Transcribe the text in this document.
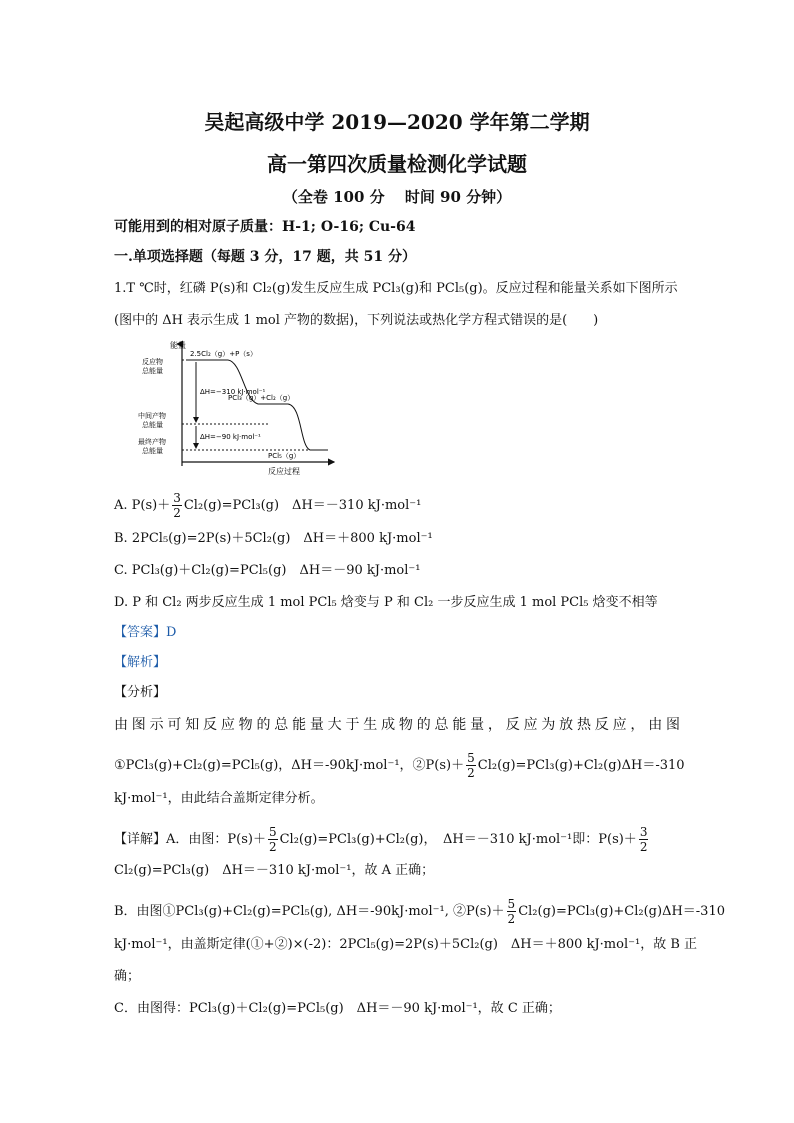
吴起高级中学 2019—2020 学年第二学期
高一第四次质量检测化学试题
（全卷 100 分　 时间 90 分钟）
可能用到的相对原子质量：H-1; O-16; Cu-64
一.单项选择题（每题 3 分，17 题，共 51 分）
1.T ℃时，红磷 P(s)和 Cl₂(g)发生反应生成 PCl₃(g)和 PCl₅(g)。反应过程和能量关系如下图所示
(图中的 ΔH 表示生成 1 mol 产物的数据)，下列说法或热化学方程式错误的是(　　)
能量
反应过程
反应物总能量
中间产物总能量
最终产物总能量
2.5Cl₂（g）+P（s）
PCl₃（g）+Cl₂（g）
PCl₅（g）
ΔH=−310 kJ·mol⁻¹
ΔH=−90 kJ·mol⁻¹
A. $P(s)+ \frac{3}{2} Cl_2(g)=PCl_3(g)$　ΔH＝－310 kJ·mol⁻¹
B. 2PCl₅(g)=2P(s)＋5Cl₂(g)　ΔH＝＋800 kJ·mol⁻¹
C. PCl₃(g)＋Cl₂(g)=PCl₅(g)　ΔH＝－90 kJ·mol⁻¹
D. P 和 Cl₂ 两步反应生成 1 mol PCl₅ 焓变与 P 和 Cl₂ 一步反应生成 1 mol PCl₅ 焓变不相等
【答案】D
【解析】
【分析】
由图示可知反应物的总能量大于生成物的总能量，反应为放热反应，由图
①PCl₃(g)+Cl₂(g)=PCl₅(g)，ΔH＝-90kJ·mol⁻¹，②P(s)＋ $\frac{5}{2} Cl_2(g)=PCl_3(g)+Cl_2(g)\Delta H=-310$
kJ·mol⁻¹，由此结合盖斯定律分析。
【详解】A．由图：$P(s)+ \frac{5}{2} Cl_2(g)=PCl_3(g)+Cl_2(g)$，　ΔH＝－310 kJ·mol⁻¹即：$P(s)+ \frac{3}{2}$
Cl₂(g)=PCl₃(g)　ΔH＝－310 kJ·mol⁻¹，故 A 正确；
B．由图①PCl₃(g)+Cl₂(g)=PCl₅(g), ΔH＝-90kJ·mol⁻¹, ②P(s)＋ $\frac{5}{2} Cl_2(g)=PCl_3(g)+Cl_2(g)\Delta H=-310$
kJ·mol⁻¹，由盖斯定律(①+②)×(-2)：2PCl₅(g)=2P(s)＋5Cl₂(g)　ΔH＝＋800 kJ·mol⁻¹，故 B 正
确；
C．由图得：PCl₃(g)＋Cl₂(g)=PCl₅(g)　ΔH＝－90 kJ·mol⁻¹，故 C 正确；
